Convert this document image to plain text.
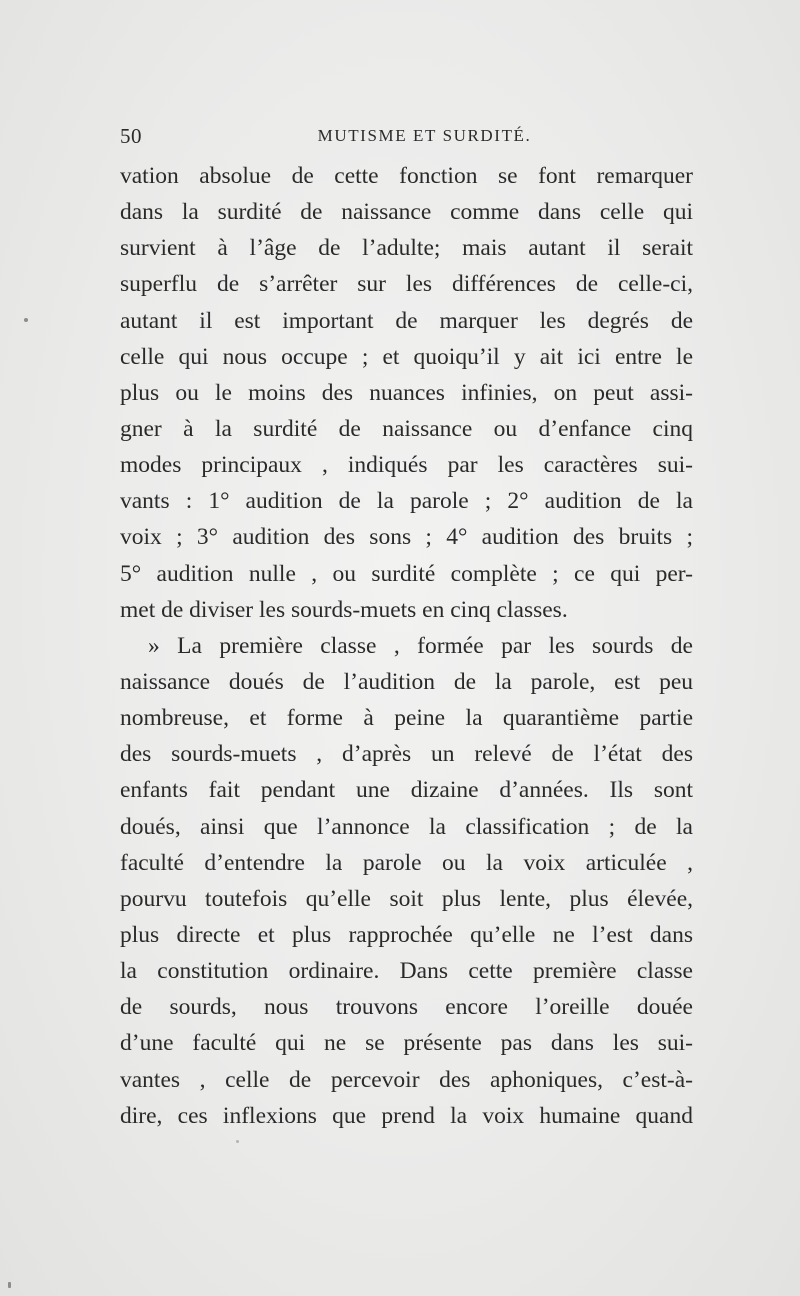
50	MUTISME ET SURDITÉ.
vation absolue de cette fonction se font remarquer
dans la surdité de naissance comme dans celle qui
survient à l’âge de l’adulte; mais autant il serait
superflu de s’arrêter sur les différences de celle-ci,
autant il est important de marquer les degrés de
celle qui nous occupe ; et quoiqu’il y ait ici entre le
plus ou le moins des nuances infinies, on peut assi-
gner à la surdité de naissance ou d’enfance cinq
modes principaux , indiqués par les caractères sui-
vants : 1° audition de la parole ; 2° audition de la
voix ; 3° audition des sons ; 4° audition des bruits ;
5° audition nulle , ou surdité complète ; ce qui per-
met de diviser les sourds-muets en cinq classes.
» La première classe , formée par les sourds de
naissance doués de l’audition de la parole, est peu
nombreuse, et forme à peine la quarantième partie
des sourds-muets , d’après un relevé de l’état des
enfants fait pendant une dizaine d’années. Ils sont
doués, ainsi que l’annonce la classification ; de la
faculté d’entendre la parole ou la voix articulée ,
pourvu toutefois qu’elle soit plus lente, plus élevée,
plus directe et plus rapprochée qu’elle ne l’est dans
la constitution ordinaire. Dans cette première classe
de sourds, nous trouvons encore l’oreille douée
d’une faculté qui ne se présente pas dans les sui-
vantes , celle de percevoir des aphoniques, c’est-à-
dire, ces inflexions que prend la voix humaine quand
